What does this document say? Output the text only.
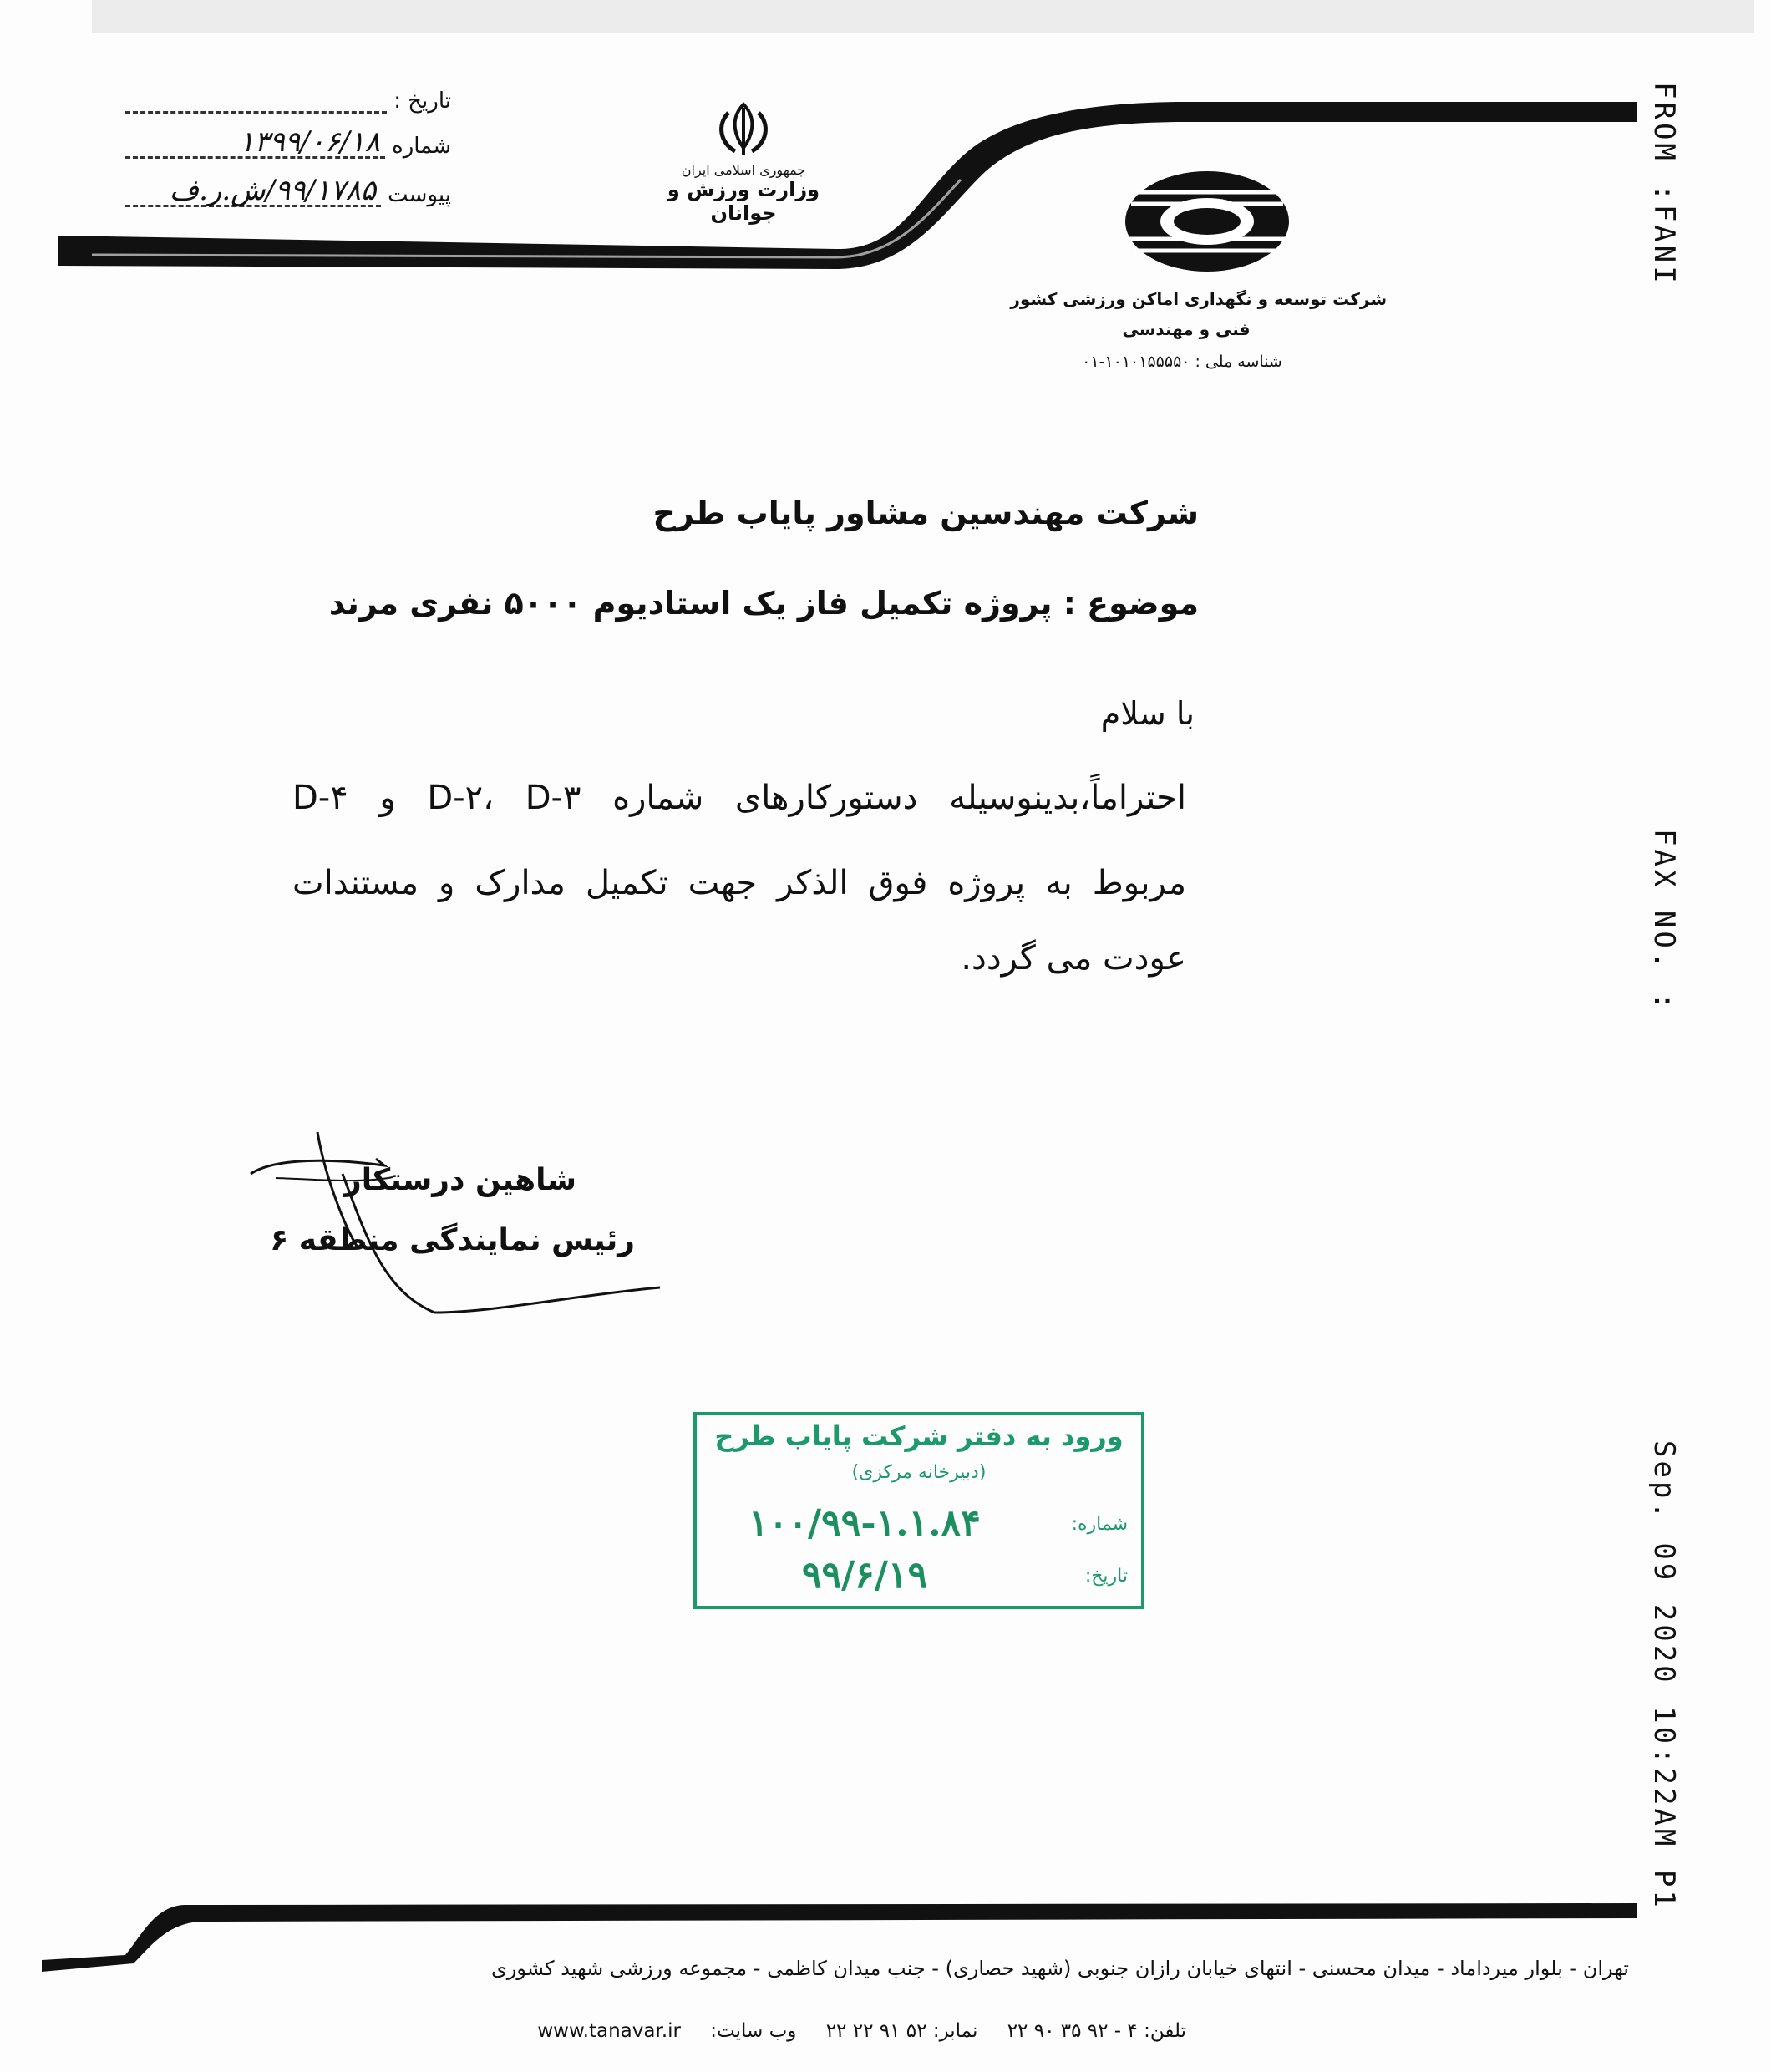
تاریخ :
شماره
۱۳۹۹/۰۶/۱۸
پیوست
۹۹/۱۷۸۵/ش.ر.ف
جمهوری اسلامی ایران
وزارت ورزش و جوانان
شرکت توسعه و نگهداری اماکن ورزشی کشور
فنی و مهندسی
شناسه ملی : ۱۰۱۰۱۵۵۵۵۰-۰۱
FROM :FANI
FAX NO. :
Sep. 09 2020 10:22AM P1
شرکت مهندسین مشاور پایاب طرح
موضوع : پروژه تکمیل فاز یک استادیوم ۵۰۰۰ نفری مرند
با سلام
احتراماً،بدینوسیله دستورکارهای شماره D-۲، D-۳ و D-۴
مربوط به پروژه فوق الذکر جهت تکمیل مدارک و مستندات
عودت می گردد.
شاهین درستکار
رئیس نمایندگی منطقه ۶
ورود به دفتر شرکت پایاب طرح
(دبیرخانه مرکزی)
شماره:
۱۰۰/۹۹-۱.۱.۸۴
تاریخ:
۹۹/۶/۱۹
تهران - بلوار میرداماد - میدان محسنی - انتهای خیابان رازان جنوبی (شهید حصاری) - جنب میدان کاظمی - مجموعه ورزشی شهید کشوری
تلفن: ۴ - ۹۲ ۳۵ ۹۰ ۲۲ نمابر: ۵۲ ۹۱ ۲۲ ۲۲ وب سایت: www.tanavar.ir
